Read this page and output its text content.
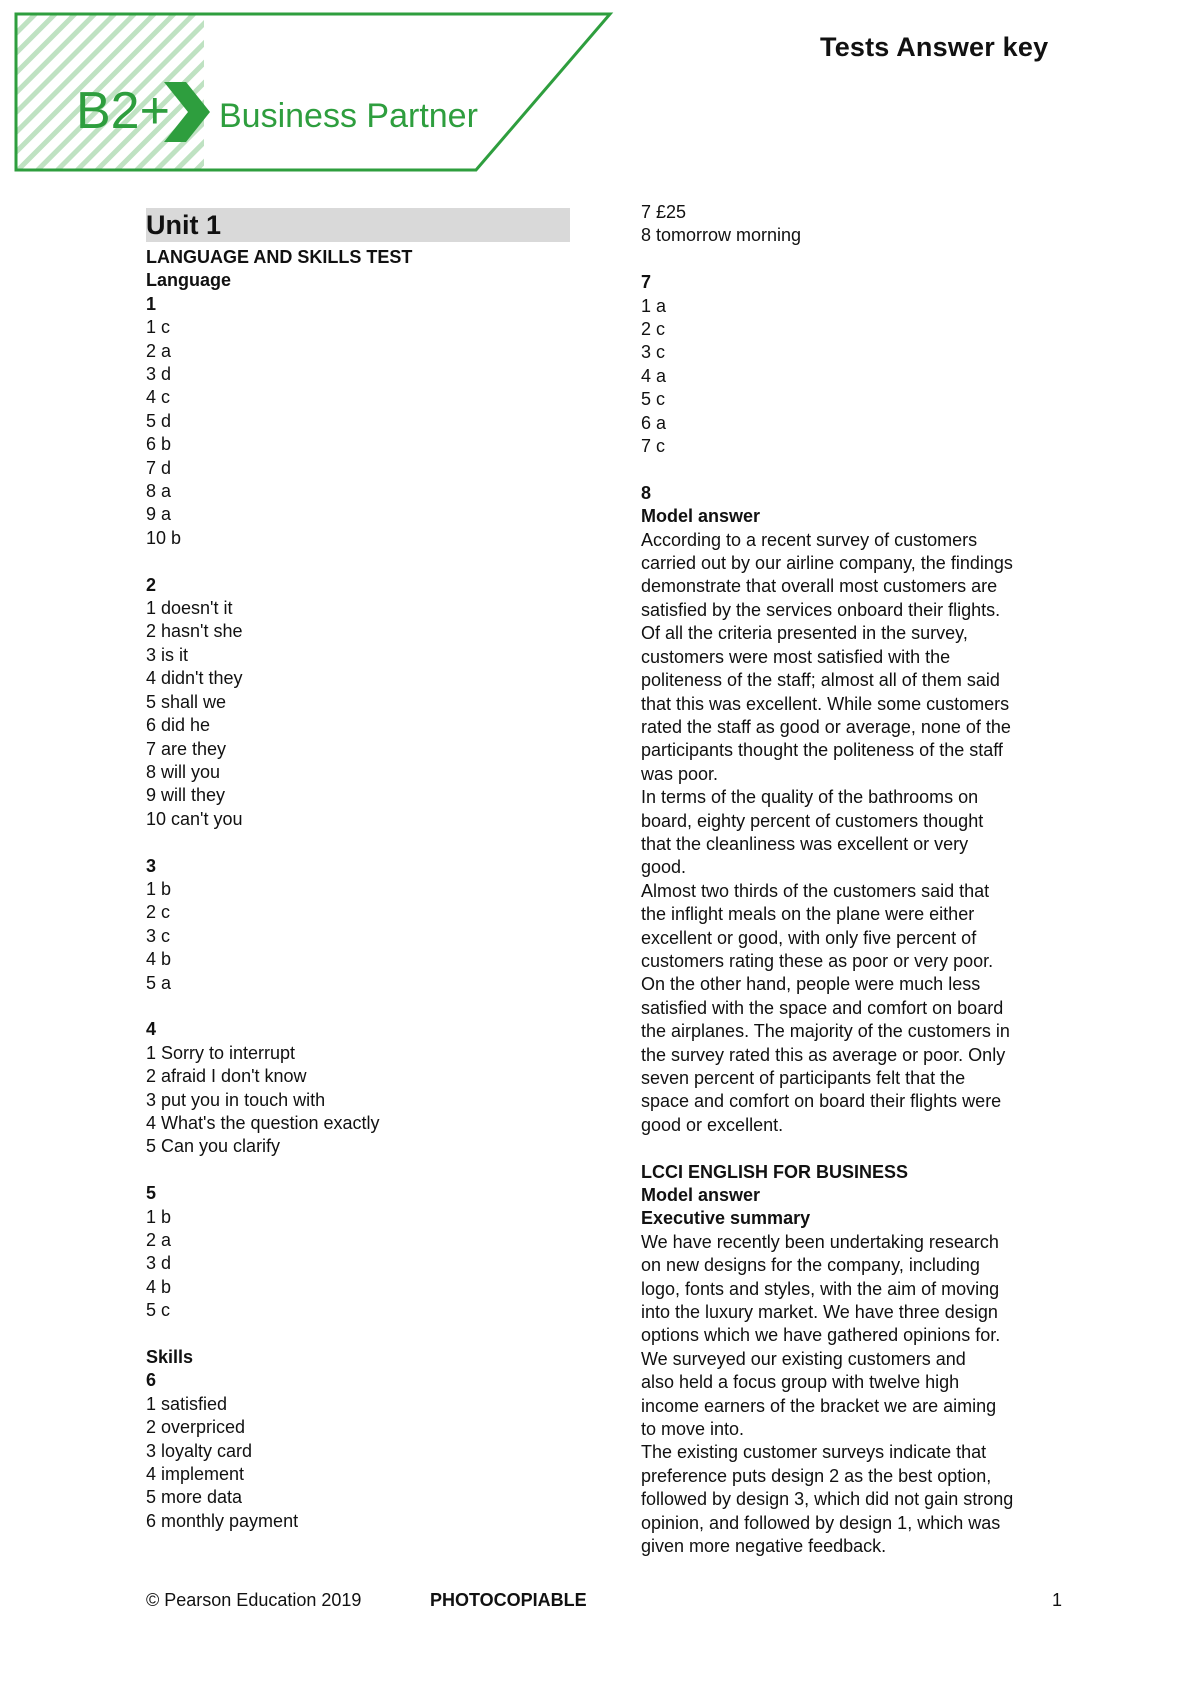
B2+ Business Partner
Tests Answer key
Unit 1
LANGUAGE AND SKILLS TEST
Language
1
1 c
2 a
3 d
4 c
5 d
6 b
7 d
8 a
9 a
10 b
2
1 doesn't it
2 hasn't she
3 is it
4 didn't they
5 shall we
6 did he
7 are they
8 will you
9 will they
10 can't you
3
1 b
2 c
3 c
4 b
5 a
4
1 Sorry to interrupt
2 afraid I don't know
3 put you in touch with
4 What's the question exactly
5 Can you clarify
5
1 b
2 a
3 d
4 b
5 c
Skills
6
1 satisfied
2 overpriced
3 loyalty card
4 implement
5 more data
6 monthly payment
7 £25
8 tomorrow morning
7
1 a
2 c
3 c
4 a
5 c
6 a
7 c
8
Model answer
According to a recent survey of customers
carried out by our airline company, the findings
demonstrate that overall most customers are
satisfied by the services onboard their flights.
Of all the criteria presented in the survey,
customers were most satisfied with the
politeness of the staff; almost all of them said
that this was excellent. While some customers
rated the staff as good or average, none of the
participants thought the politeness of the staff
was poor.
In terms of the quality of the bathrooms on
board, eighty percent of customers thought
that the cleanliness was excellent or very
good.
Almost two thirds of the customers said that
the inflight meals on the plane were either
excellent or good, with only five percent of
customers rating these as poor or very poor.
On the other hand, people were much less
satisfied with the space and comfort on board
the airplanes. The majority of the customers in
the survey rated this as average or poor. Only
seven percent of participants felt that the
space and comfort on board their flights were
good or excellent.
LCCI ENGLISH FOR BUSINESS
Model answer
Executive summary
We have recently been undertaking research
on new designs for the company, including
logo, fonts and styles, with the aim of moving
into the luxury market. We have three design
options which we have gathered opinions for.
We surveyed our existing customers and
also held a focus group with twelve high
income earners of the bracket we are aiming
to move into.
The existing customer surveys indicate that
preference puts design 2 as the best option,
followed by design 3, which did not gain strong
opinion, and followed by design 1, which was
given more negative feedback.
© Pearson Education 2019	PHOTOCOPIABLE	1
